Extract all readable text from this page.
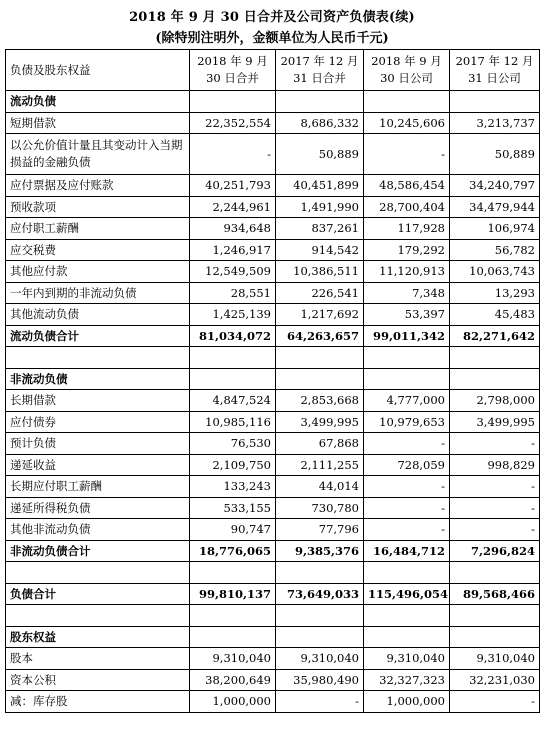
2018 年 9 月 30 日合并及公司资产负债表(续)
(除特别注明外，金额单位为人民币千元)
负债及股东权益	2018 年 9 月 30 日合并	2017 年 12 月 31 日合并	2018 年 9 月 30 日公司	2017 年 12 月 31 日公司
流动负债				
短期借款	22,352,554	8,686,332	10,245,606	3,213,737
以公允价值计量且其变动计入当期损益的金融负债	-	50,889	-	50,889
应付票据及应付账款	40,251,793	40,451,899	48,586,454	34,240,797
预收款项	2,244,961	1,491,990	28,700,404	34,479,944
应付职工薪酬	934,648	837,261	117,928	106,974
应交税费	1,246,917	914,542	179,292	56,782
其他应付款	12,549,509	10,386,511	11,120,913	10,063,743
一年内到期的非流动负债	28,551	226,541	7,348	13,293
其他流动负债	1,425,139	1,217,692	53,397	45,483
流动负债合计	81,034,072	64,263,657	99,011,342	82,271,642

非流动负债				
长期借款	4,847,524	2,853,668	4,777,000	2,798,000
应付债券	10,985,116	3,499,995	10,979,653	3,499,995
预计负债	76,530	67,868	-	-
递延收益	2,109,750	2,111,255	728,059	998,829
长期应付职工薪酬	133,243	44,014	-	-
递延所得税负债	533,155	730,780	-	-
其他非流动负债	90,747	77,796	-	-
非流动负债合计	18,776,065	9,385,376	16,484,712	7,296,824

负债合计	99,810,137	73,649,033	115,496,054	89,568,466

股东权益				
股本	9,310,040	9,310,040	9,310,040	9,310,040
资本公积	38,200,649	35,980,490	32,327,323	32,231,030
减：库存股	1,000,000	-	1,000,000	-
